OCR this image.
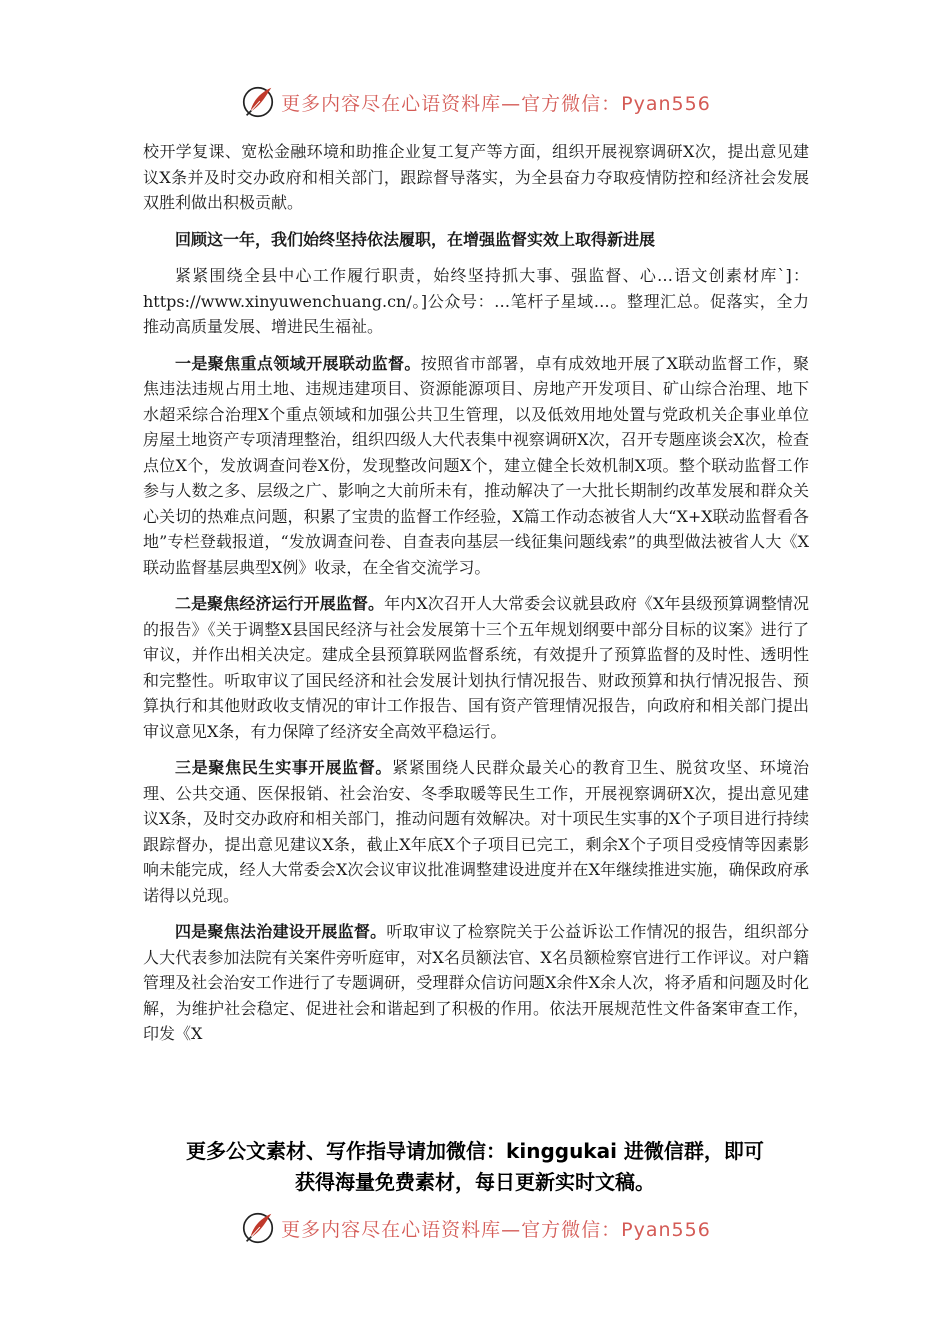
更多内容尽在心语资料库—官方微信：Pyan556

校开学复课、宽松金融环境和助推企业复工复产等方面，组织开展视察调研X次，提出意见建议X条并及时交办政府和相关部门，跟踪督导落实，为全县奋力夺取疫情防控和经济社会发展双胜利做出积极贡献。

回顾这一年，我们始终坚持依法履职，在增强监督实效上取得新进展

紧紧围绕全县中心工作履行职责，始终坚持抓大事、强监督、心…语文创素材库`]：https://www.xinyuwenchuang.cn/。]公众号：…笔杆子星域…。整理汇总。促落实，全力推动高质量发展、增进民生福祉。

一是聚焦重点领域开展联动监督。按照省市部署，卓有成效地开展了X联动监督工作，聚焦违法违规占用土地、违规违建项目、资源能源项目、房地产开发项目、矿山综合治理、地下水超采综合治理X个重点领域和加强公共卫生管理，以及低效用地处置与党政机关企事业单位房屋土地资产专项清理整治，组织四级人大代表集中视察调研X次，召开专题座谈会X次，检查点位X个，发放调查问卷X份，发现整改问题X个，建立健全长效机制X项。整个联动监督工作参与人数之多、层级之广、影响之大前所未有，推动解决了一大批长期制约改革发展和群众关心关切的热难点问题，积累了宝贵的监督工作经验，X篇工作动态被省人大“X+X联动监督看各地”专栏登载报道，“发放调查问卷、自查表向基层一线征集问题线索”的典型做法被省人大《X联动监督基层典型X例》收录，在全省交流学习。

二是聚焦经济运行开展监督。年内X次召开人大常委会议就县政府《X年县级预算调整情况的报告》《关于调整X县国民经济与社会发展第十三个五年规划纲要中部分目标的议案》进行了审议，并作出相关决定。建成全县预算联网监督系统，有效提升了预算监督的及时性、透明性和完整性。听取审议了国民经济和社会发展计划执行情况报告、财政预算和执行情况报告、预算执行和其他财政收支情况的审计工作报告、国有资产管理情况报告，向政府和相关部门提出审议意见X条，有力保障了经济安全高效平稳运行。

三是聚焦民生实事开展监督。紧紧围绕人民群众最关心的教育卫生、脱贫攻坚、环境治理、公共交通、医保报销、社会治安、冬季取暖等民生工作，开展视察调研X次，提出意见建议X条，及时交办政府和相关部门，推动问题有效解决。对十项民生实事的X个子项目进行持续跟踪督办，提出意见建议X条，截止X年底X个子项目已完工，剩余X个子项目受疫情等因素影响未能完成，经人大常委会X次会议审议批准调整建设进度并在X年继续推进实施，确保政府承诺得以兑现。

四是聚焦法治建设开展监督。听取审议了检察院关于公益诉讼工作情况的报告，组织部分人大代表参加法院有关案件旁听庭审，对X名员额法官、X名员额检察官进行工作评议。对户籍管理及社会治安工作进行了专题调研，受理群众信访问题X余件X余人次，将矛盾和问题及时化解，为维护社会稳定、促进社会和谐起到了积极的作用。依法开展规范性文件备案审查工作，印发《X

更多公文素材、写作指导请加微信：kinggukai 进微信群，即可
获得海量免费素材，每日更新实时文稿。
更多内容尽在心语资料库—官方微信：Pyan556
